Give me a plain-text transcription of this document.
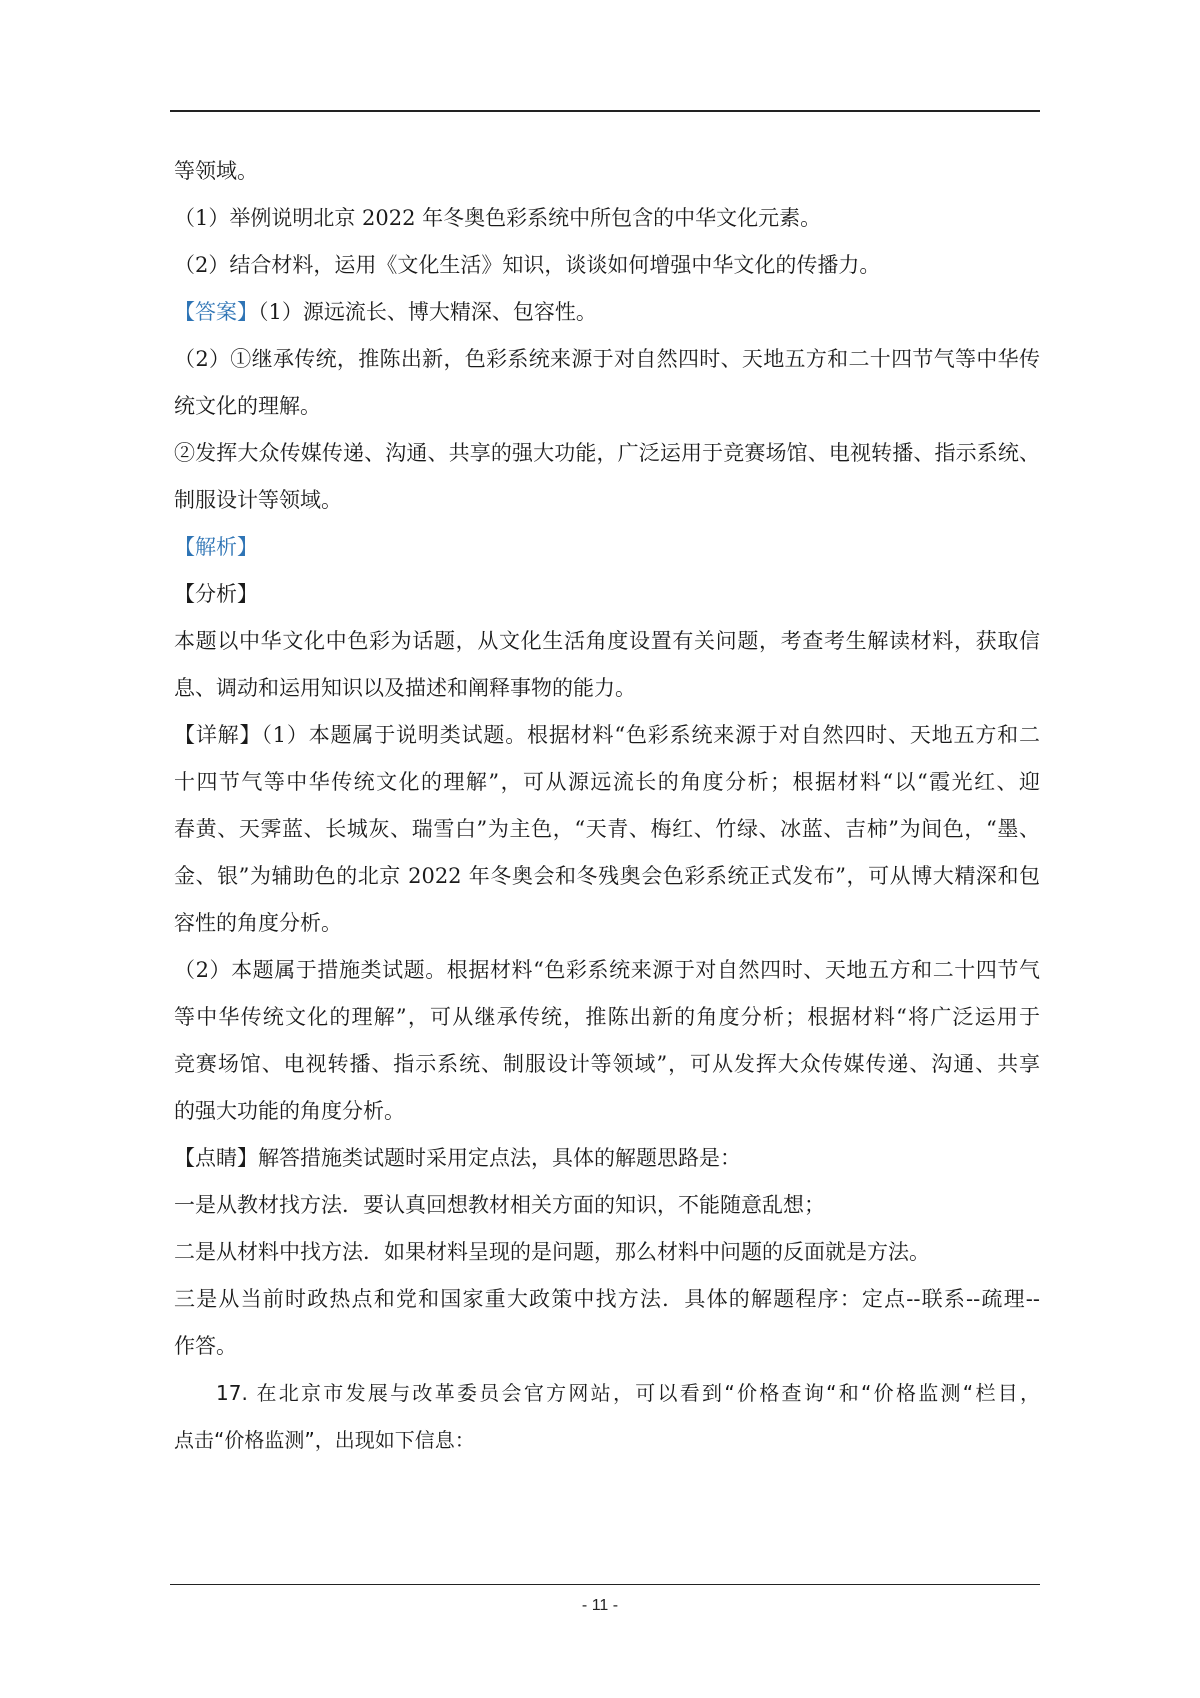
等领域。
（1）举例说明北京 2022 年冬奥色彩系统中所包含的中华文化元素。
（2）结合材料，运用《文化生活》知识，谈谈如何增强中华文化的传播力。
【答案】（1）源远流长、博大精深、包容性。
（2）①继承传统，推陈出新，色彩系统来源于对自然四时、天地五方和二十四节气等中华传
统文化的理解。
②发挥大众传媒传递、沟通、共享的强大功能，广泛运用于竞赛场馆、电视转播、指示系统、
制服设计等领域。
【解析】
【分析】
本题以中华文化中色彩为话题，从文化生活角度设置有关问题，考查考生解读材料，获取信
息、调动和运用知识以及描述和阐释事物的能力。
【详解】（1）本题属于说明类试题。根据材料“色彩系统来源于对自然四时、天地五方和二
十四节气等中华传统文化的理解”，可从源远流长的角度分析；根据材料“以“霞光红、迎
春黄、天霁蓝、长城灰、瑞雪白”为主色，“天青、梅红、竹绿、冰蓝、吉柿”为间色，“墨、
金、银”为辅助色的北京 2022 年冬奥会和冬残奥会色彩系统正式发布”，可从博大精深和包
容性的角度分析。
（2）本题属于措施类试题。根据材料“色彩系统来源于对自然四时、天地五方和二十四节气
等中华传统文化的理解”，可从继承传统，推陈出新的角度分析；根据材料“将广泛运用于
竞赛场馆、电视转播、指示系统、制服设计等领域”，可从发挥大众传媒传递、沟通、共享
的强大功能的角度分析。
【点睛】解答措施类试题时采用定点法，具体的解题思路是：
一是从教材找方法．要认真回想教材相关方面的知识，不能随意乱想；
二是从材料中找方法．如果材料呈现的是问题，那么材料中问题的反面就是方法。
三是从当前时政热点和党和国家重大政策中找方法．具体的解题程序：定点--联系--疏理--
作答。
17. 在北京市发展与改革委员会官方网站，可以看到“价格查询“和“价格监测“栏目，
点击“价格监测”，出现如下信息：
- 11 -
